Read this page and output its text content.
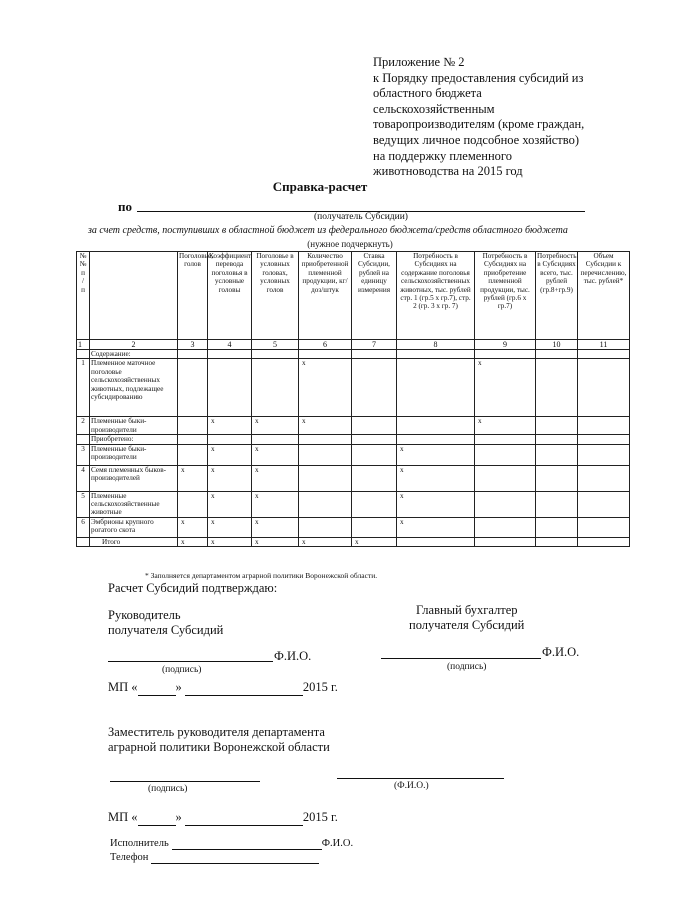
Приложение № 2
к Порядку предоставления субсидий из
областного бюджета
сельскохозяйственным
товаропроизводителям (кроме граждан,
ведущих личное подсобное хозяйство)
на поддержку племенного
животноводства на 2015 год
Справка-расчет
по
(получатель Субсидии)
за счет средств, поступивших в областной бюджет из федерального бюджета/средств областного бюджета
(нужное подчеркнуть)
№
№
п
/
п		Поголовье, голов	Коэффициент перевода поголовья в условные головы	Поголовье в условных головах, условных голов	Количество приобретенной племенной продукции, кг/доз/штук	Ставка Субсидии, рублей на единицу измерения	Потребность в Субсидиях на содержание поголовья сельскохозяйственных животных, тыс. рублей стр. 1 (гр.5 х гр.7), стр. 2 (гр. 3 х гр. 7)	Потребность в Субсидиях на приобретение племенной продукции, тыс. рублей (гр.6 х гр.7)	Потребность в Субсидиях всего, тыс. рублей (гр.8+гр.9)	Объем Субсидии к перечислению, тыс. рублей*
1	2	3	4	5	6	7	8	9	10	11
	Содержание:									
1	Племенное маточное поголовье сельскохозяйственных животных, подлежащее субсидированию				x			x		
2	Племенные быки-производители		x	x	x			x		
	Приобретено:									
3	Племенные быки-производители		x	x			x			
4	Семя племенных быков-производителей	x	x	x			x			
5	Племенные сельскохозяйственные животные		x	x			x			
6	Эмбрионы крупного рогатого скота	x	x	x			x			
	Итого	x	x	x	x	x				
* Заполняется департаментом аграрной политики Воронежской области.
Расчет Субсидий подтверждаю:
Руководитель
получателя Субсидий
Главный бухгалтер
получателя Субсидий
Ф.И.О.
(подпись)
Ф.И.О.
(подпись)
МП «	»	2015 г.
Заместитель руководителя департамента
аграрной политики Воронежской области
(подпись)	(Ф.И.О.)
МП «	»	2015 г.
Исполнитель	Ф.И.О.
Телефон
